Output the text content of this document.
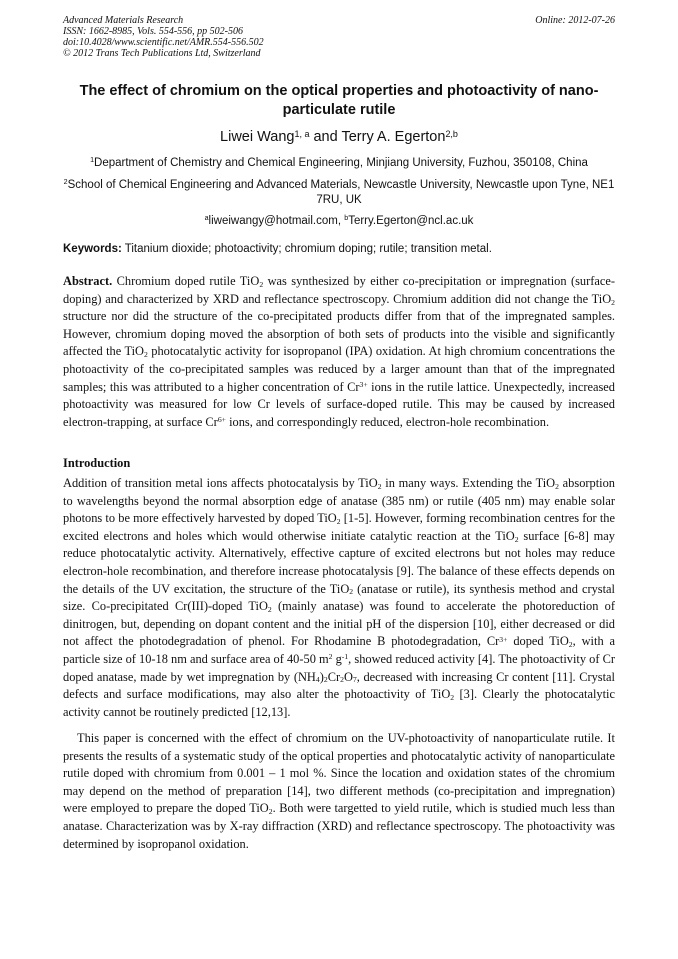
Advanced Materials Research
ISSN: 1662-8985, Vols. 554-556, pp 502-506
doi:10.4028/www.scientific.net/AMR.554-556.502
© 2012 Trans Tech Publications Ltd, Switzerland
Online: 2012-07-26
The effect of chromium on the optical properties and photoactivity of nano-particulate rutile
Liwei Wang$^{1, a}$ and Terry A. Egerton$^{2,b}$
$^1$Department of Chemistry and Chemical Engineering, Minjiang University, Fuzhou, 350108, China
$^2$School of Chemical Engineering and Advanced Materials, Newcastle University, Newcastle upon Tyne, NE1 7RU, UK
$^a$liweiwangy@hotmail.com, $^b$Terry.Egerton@ncl.ac.uk
Keywords: Titanium dioxide; photoactivity; chromium doping; rutile; transition metal.

Abstract. Chromium doped rutile TiO$_2$ was synthesized by either co-precipitation or impregnation (surface-doping) and characterized by XRD and reflectance spectroscopy. Chromium addition did not change the TiO$_2$ structure nor did the structure of the co-precipitated products differ from that of the impregnated samples. However, chromium doping moved the absorption of both sets of products into the visible and significantly affected the TiO$_2$ photocatalytic activity for isopropanol (IPA) oxidation. At high chromium concentrations the photoactivity of the co-precipitated samples was reduced by a larger amount than that of the impregnated samples; this was attributed to a higher concentration of $Cr^{3+}$ ions in the rutile lattice. Unexpectedly, increased photoactivity was measured for low Cr levels of surface-doped rutile. This may be caused by increased electron-trapping, at surface $Cr^{6+}$ ions, and correspondingly reduced, electron-hole recombination.

Introduction

Addition of transition metal ions affects photocatalysis by TiO$_2$ in many ways. Extending the TiO$_2$ absorption to wavelengths beyond the normal absorption edge of anatase (385 nm) or rutile (405 nm) may enable solar photons to be more effectively harvested by doped TiO$_2$ [1-5]. However, forming recombination centres for the excited electrons and holes which would otherwise initiate catalytic reaction at the TiO$_2$ surface [6-8] may reduce photocatalytic activity. Alternatively, effective capture of excited electrons but not holes may reduce electron-hole recombination, and therefore increase photocatalysis [9]. The balance of these effects depends on the details of the UV excitation, the structure of the TiO$_2$ (anatase or rutile), its synthesis method and crystal size. Co-precipitated Cr(III)-doped TiO$_2$ (mainly anatase) was found to accelerate the photoreduction of dinitrogen, but, depending on dopant content and the initial pH of the dispersion [10], either decreased or did not affect the photodegradation of phenol. For Rhodamine B photodegradation, $Cr^{3+}$ doped TiO$_2$, with a particle size of 10-18 nm and surface area of 40-50 $m^2$ $g^{-1}$, showed reduced activity [4]. The photoactivity of Cr doped anatase, made by wet impregnation by $(NH_4)_2Cr_2O_7$, decreased with increasing Cr content [11]. Crystal defects and surface modifications, may also alter the photoactivity of TiO$_2$ [3]. Clearly the photocatalytic activity cannot be routinely predicted [12,13].

This paper is concerned with the effect of chromium on the UV-photoactivity of nanoparticulate rutile. It presents the results of a systematic study of the optical properties and photocatalytic activity of nanoparticulate rutile doped with chromium from 0.001 – 1 mol %. Since the location and oxidation states of the chromium may depend on the method of preparation [14], two different methods (co-precipitation and impregnation) were employed to prepare the doped TiO$_2$. Both were targetted to yield rutile, which is studied much less than anatase. Characterization was by X-ray diffraction (XRD) and reflectance spectroscopy. The photoactivity was determined by isopropanol oxidation.
